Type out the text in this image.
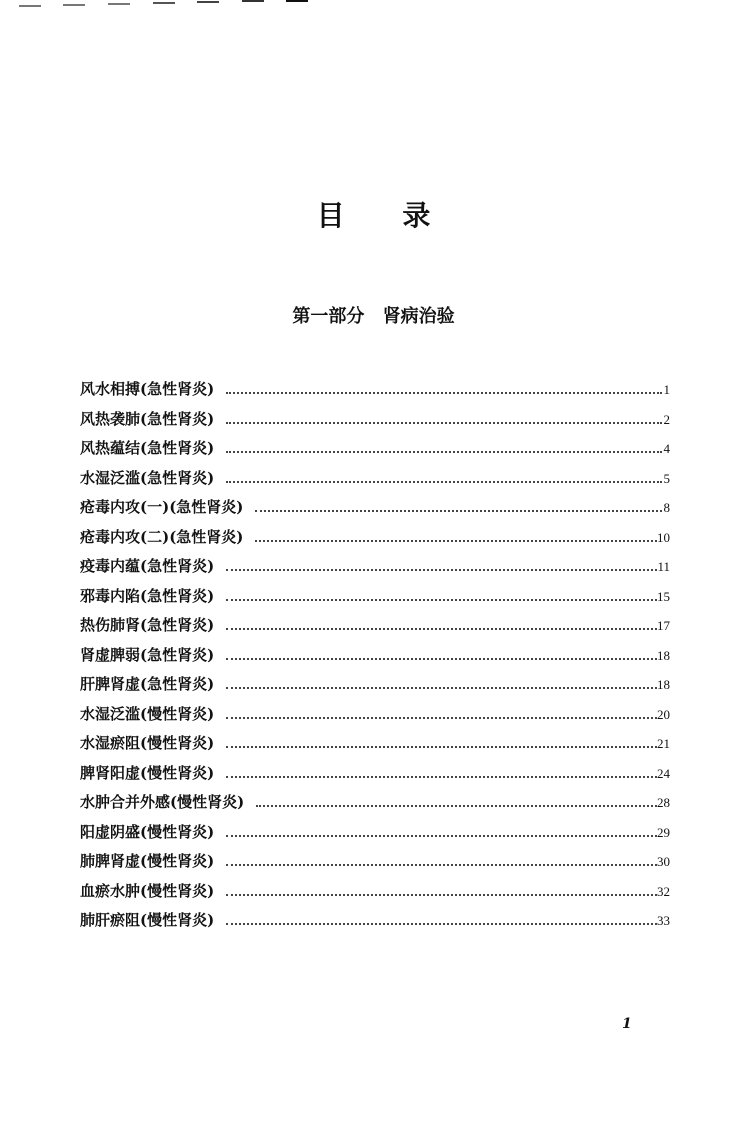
目 录
第一部分 肾病治验
风水相搏(急性肾炎)	1
风热袭肺(急性肾炎)	2
风热蕴结(急性肾炎)	4
水湿泛滥(急性肾炎)	5
疮毒内攻(一)(急性肾炎)	8
疮毒内攻(二)(急性肾炎)	10
疫毒内蕴(急性肾炎)	11
邪毒内陷(急性肾炎)	15
热伤肺肾(急性肾炎)	17
肾虚脾弱(急性肾炎)	18
肝脾肾虚(急性肾炎)	18
水湿泛滥(慢性肾炎)	20
水湿瘀阻(慢性肾炎)	21
脾肾阳虚(慢性肾炎)	24
水肿合并外感(慢性肾炎)	28
阳虚阴盛(慢性肾炎)	29
肺脾肾虚(慢性肾炎)	30
血瘀水肿(慢性肾炎)	32
肺肝瘀阻(慢性肾炎)	33
1
